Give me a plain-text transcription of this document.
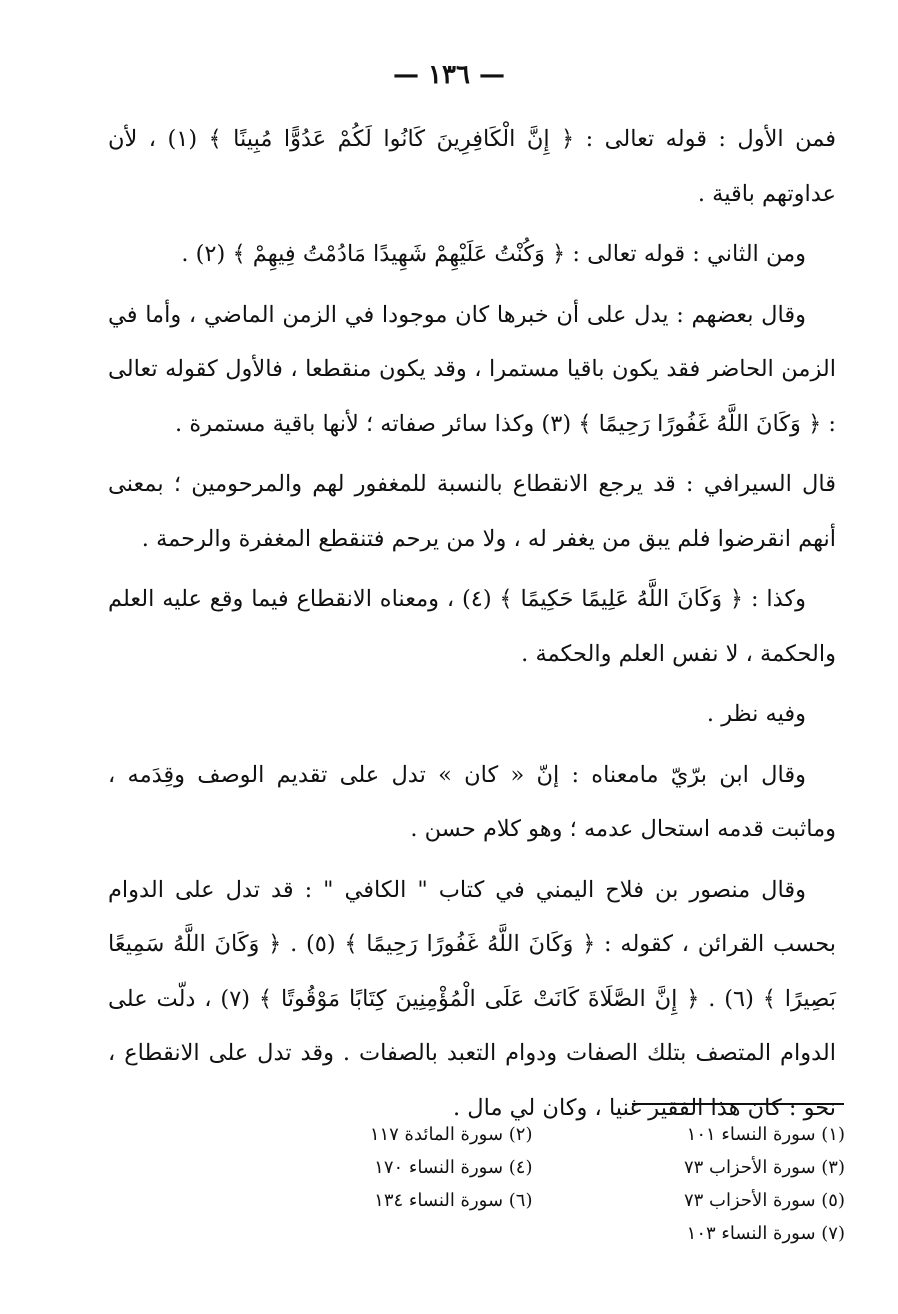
— ١٣٦ —

فمن الأول : قوله تعالى : ﴿ إِنَّ الْكَافِرِينَ كَانُوا لَكُمْ عَدُوًّا مُبِينًا ﴾ (١) ، لأن عداوتهم باقية .

ومن الثاني : قوله تعالى : ﴿ وَكُنْتُ عَلَيْهِمْ شَهِيدًا مَادُمْتُ فِيهِمْ ﴾ (٢) .

وقال بعضهم : يدل على أن خبرها كان موجودا في الزمن الماضي ، وأما في الزمن الحاضر فقد يكون باقيا مستمرا ، وقد يكون منقطعا ، فالأول كقوله تعالى : ﴿ وَكَانَ اللَّهُ غَفُورًا رَحِيمًا ﴾ (٣) وكذا سائر صفاته ؛ لأنها باقية مستمرة .

قال السيرافي : قد يرجع الانقطاع بالنسبة للمغفور لهم والمرحومين ؛ بمعنى أنهم انقرضوا فلم يبق من يغفر له ، ولا من يرحم فتنقطع المغفرة والرحمة .

وكذا : ﴿ وَكَانَ اللَّهُ عَلِيمًا حَكِيمًا ﴾ (٤) ، ومعناه الانقطاع فيما وقع عليه العلم والحكمة ، لا نفس العلم والحكمة .

وفيه نظر .

وقال ابن برّيّ مامعناه : إنّ « كان » تدل على تقديم الوصف وقِدَمه ، وماثبت قدمه استحال عدمه ؛ وهو كلام حسن .

وقال منصور بن فلاح اليمني في كتاب " الكافي " : قد تدل على الدوام بحسب القرائن ، كقوله : ﴿ وَكَانَ اللَّهُ غَفُورًا رَحِيمًا ﴾ (٥) . ﴿ وَكَانَ اللَّهُ سَمِيعًا بَصِيرًا ﴾ (٦) . ﴿ إِنَّ الصَّلَاةَ كَانَتْ عَلَى الْمُؤْمِنِينَ كِتَابًا مَوْقُوتًا ﴾ (٧) ، دلّت على الدوام المتصف بتلك الصفات ودوام التعبد بالصفات . وقد تدل على الانقطاع ، نحو : كان هذا الفقير غنيا ، وكان لي مال .

(١) سورة النساء ١٠١
(٢) سورة المائدة ١١٧
(٣) سورة الأحزاب ٧٣
(٤) سورة النساء ١٧٠
(٥) سورة الأحزاب ٧٣
(٦) سورة النساء ١٣٤
(٧) سورة النساء ١٠٣
